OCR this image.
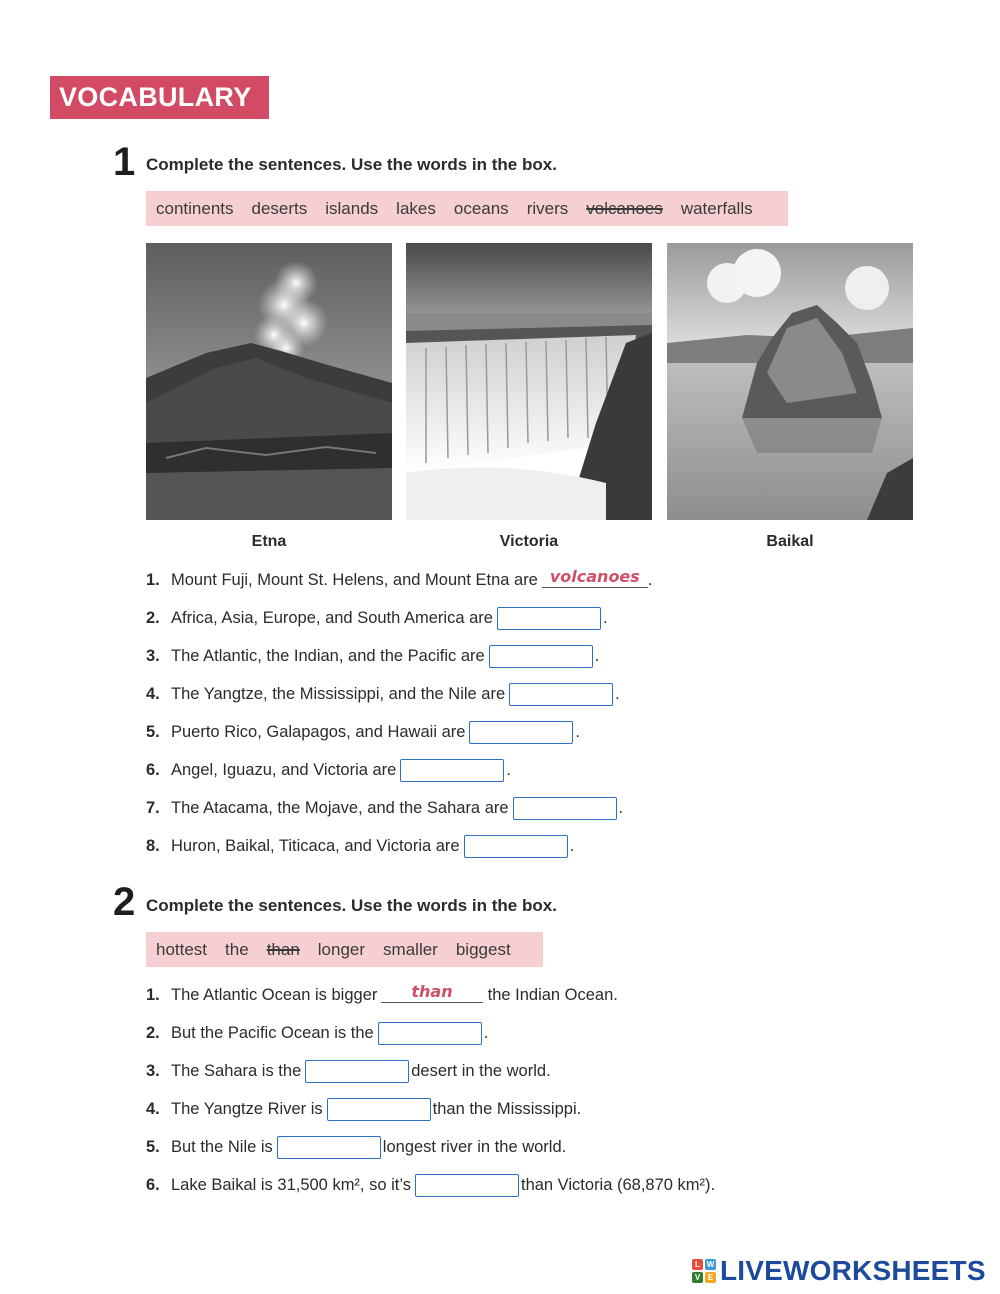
VOCABULARY
1 Complete the sentences. Use the words in the box.
continents deserts islands lakes oceans rivers volcanoes waterfalls
Etna	Victoria	Baikal
1. Mount Fuji, Mount St. Helens, and Mount Etna are volcanoes .
2. Africa, Asia, Europe, and South America are	.
3. The Atlantic, the Indian, and the Pacific are	.
4. The Yangtze, the Mississippi, and the Nile are	.
5. Puerto Rico, Galapagos, and Hawaii are	.
6. Angel, Iguazu, and Victoria are	.
7. The Atacama, the Mojave, and the Sahara are	.
8. Huron, Baikal, Titicaca, and Victoria are	.
2 Complete the sentences. Use the words in the box.
hottest the than longer smaller biggest
1. The Atlantic Ocean is bigger	than	the Indian Ocean.
2. But the Pacific Ocean is the	.
3. The Sahara is the	desert in the world.
4. The Yangtze River is	than the Mississippi.
5. But the Nile is	longest river in the world.
6. Lake Baikal is 31,500 km², so it’s	than Victoria (68,870 km²).
L W
V E LIVEWORKSHEETS
